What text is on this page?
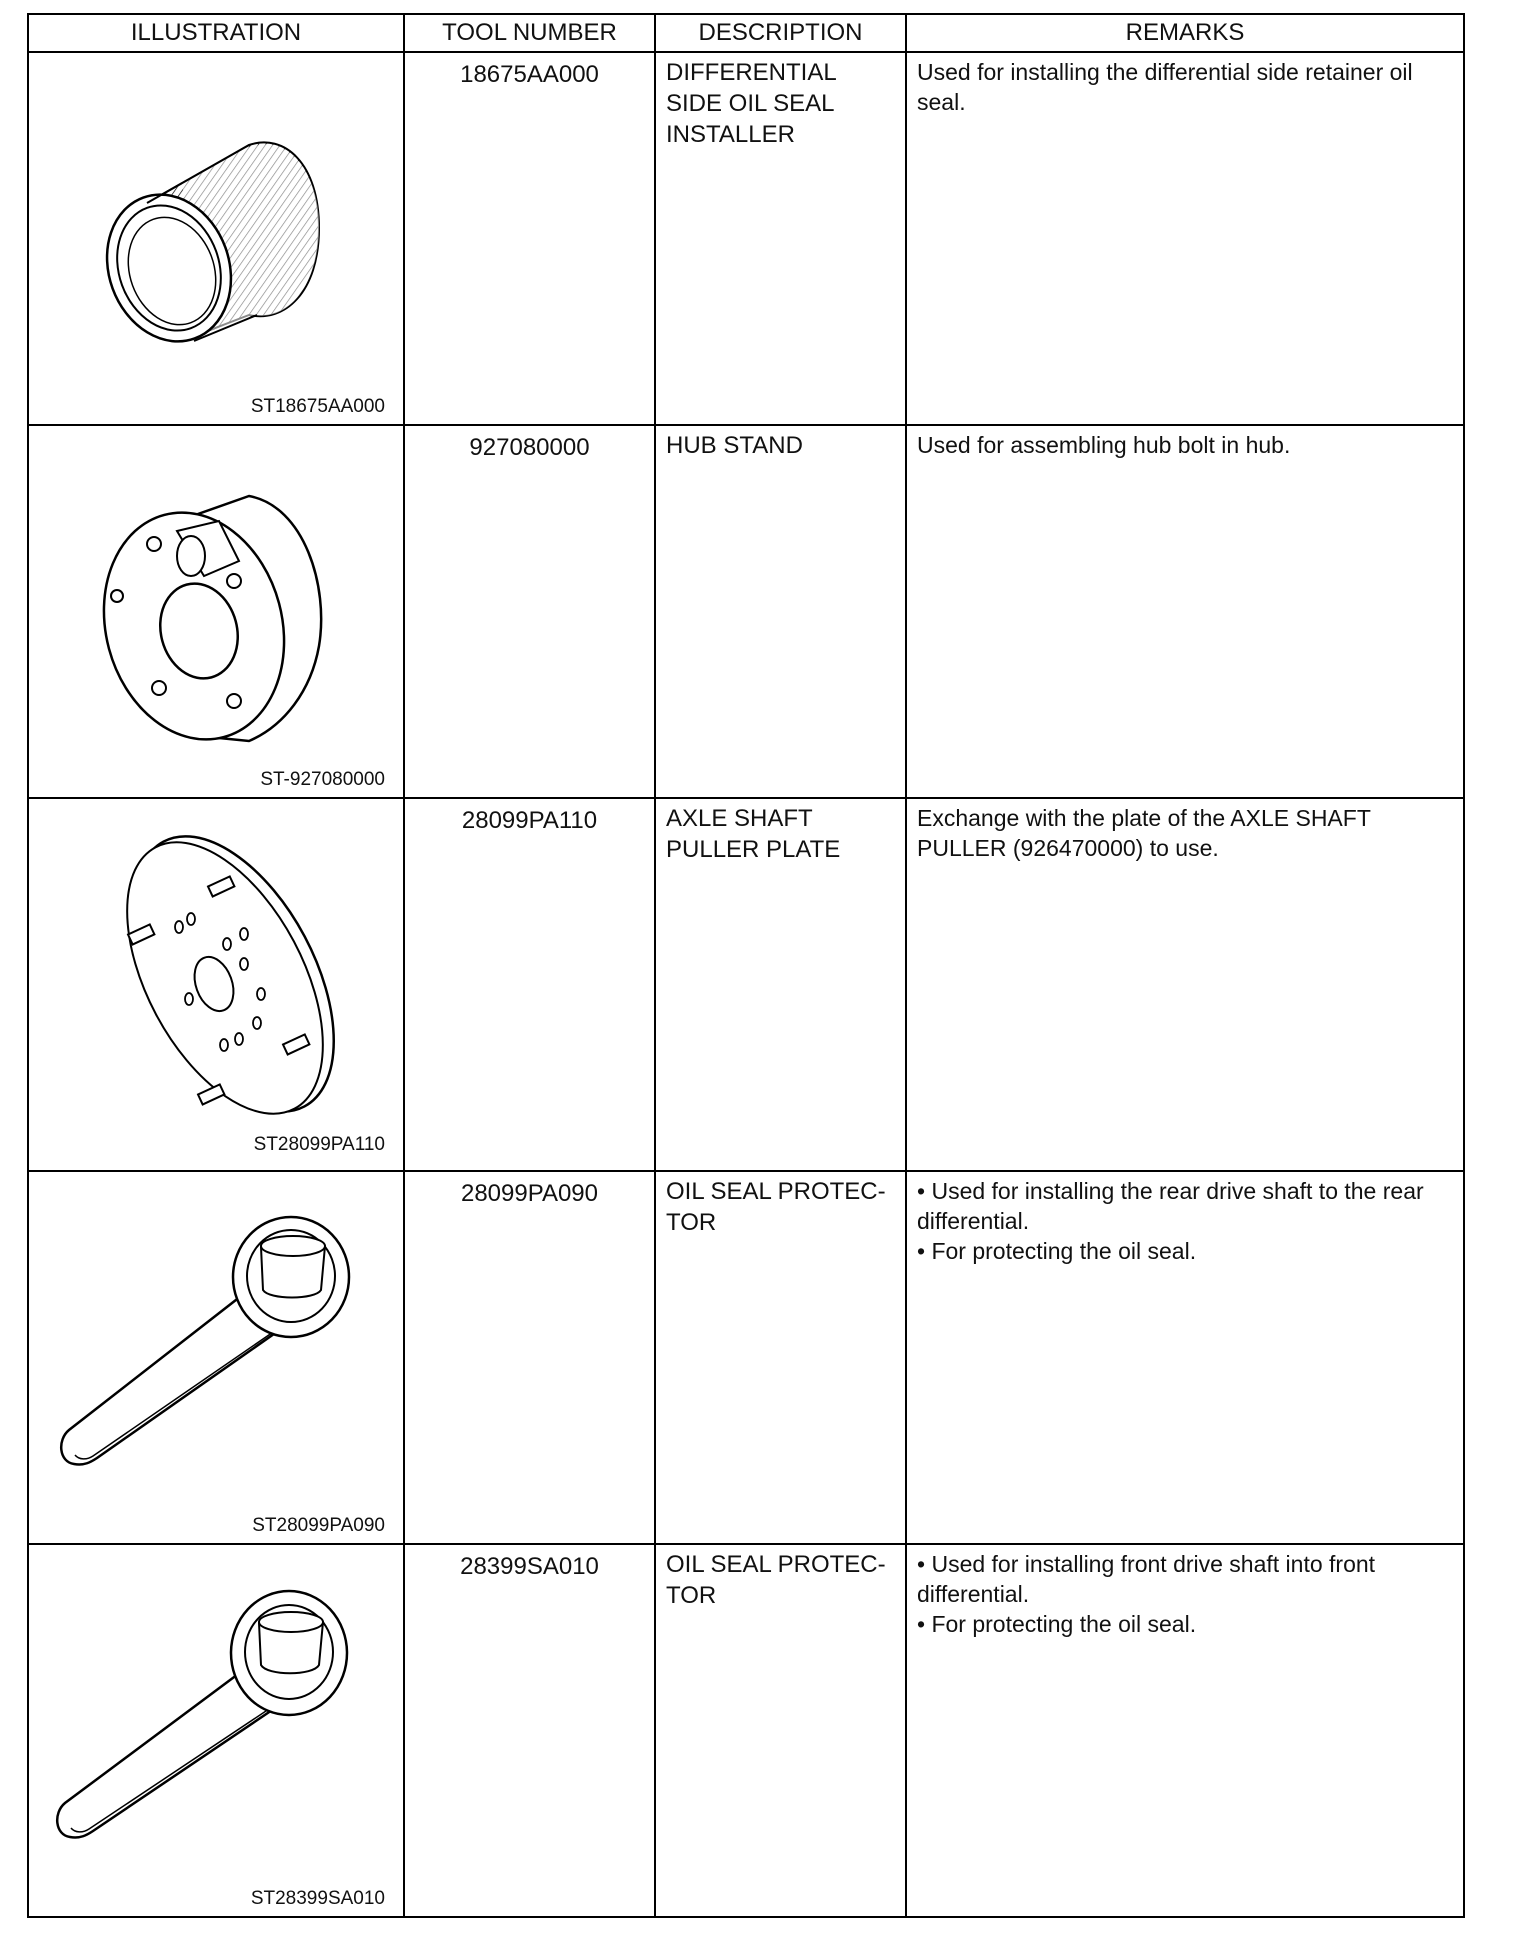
ILLUSTRATION	TOOL NUMBER	DESCRIPTION	REMARKS

ST18675AA000	18675AA000	DIFFERENTIAL SIDE OIL SEAL INSTALLER	Used for installing the differential side retainer oil seal.

ST-927080000	927080000	HUB STAND	Used for assembling hub bolt in hub.

ST28099PA110	28099PA110	AXLE SHAFT PULLER PLATE	Exchange with the plate of the AXLE SHAFT PULLER (926470000) to use.

ST28099PA090	28099PA090	OIL SEAL PROTEC- TOR	• Used for installing the rear drive shaft to the rear differential.
• For protecting the oil seal.

ST28399SA010	28399SA010	OIL SEAL PROTEC- TOR	• Used for installing front drive shaft into front differential.
• For protecting the oil seal.
